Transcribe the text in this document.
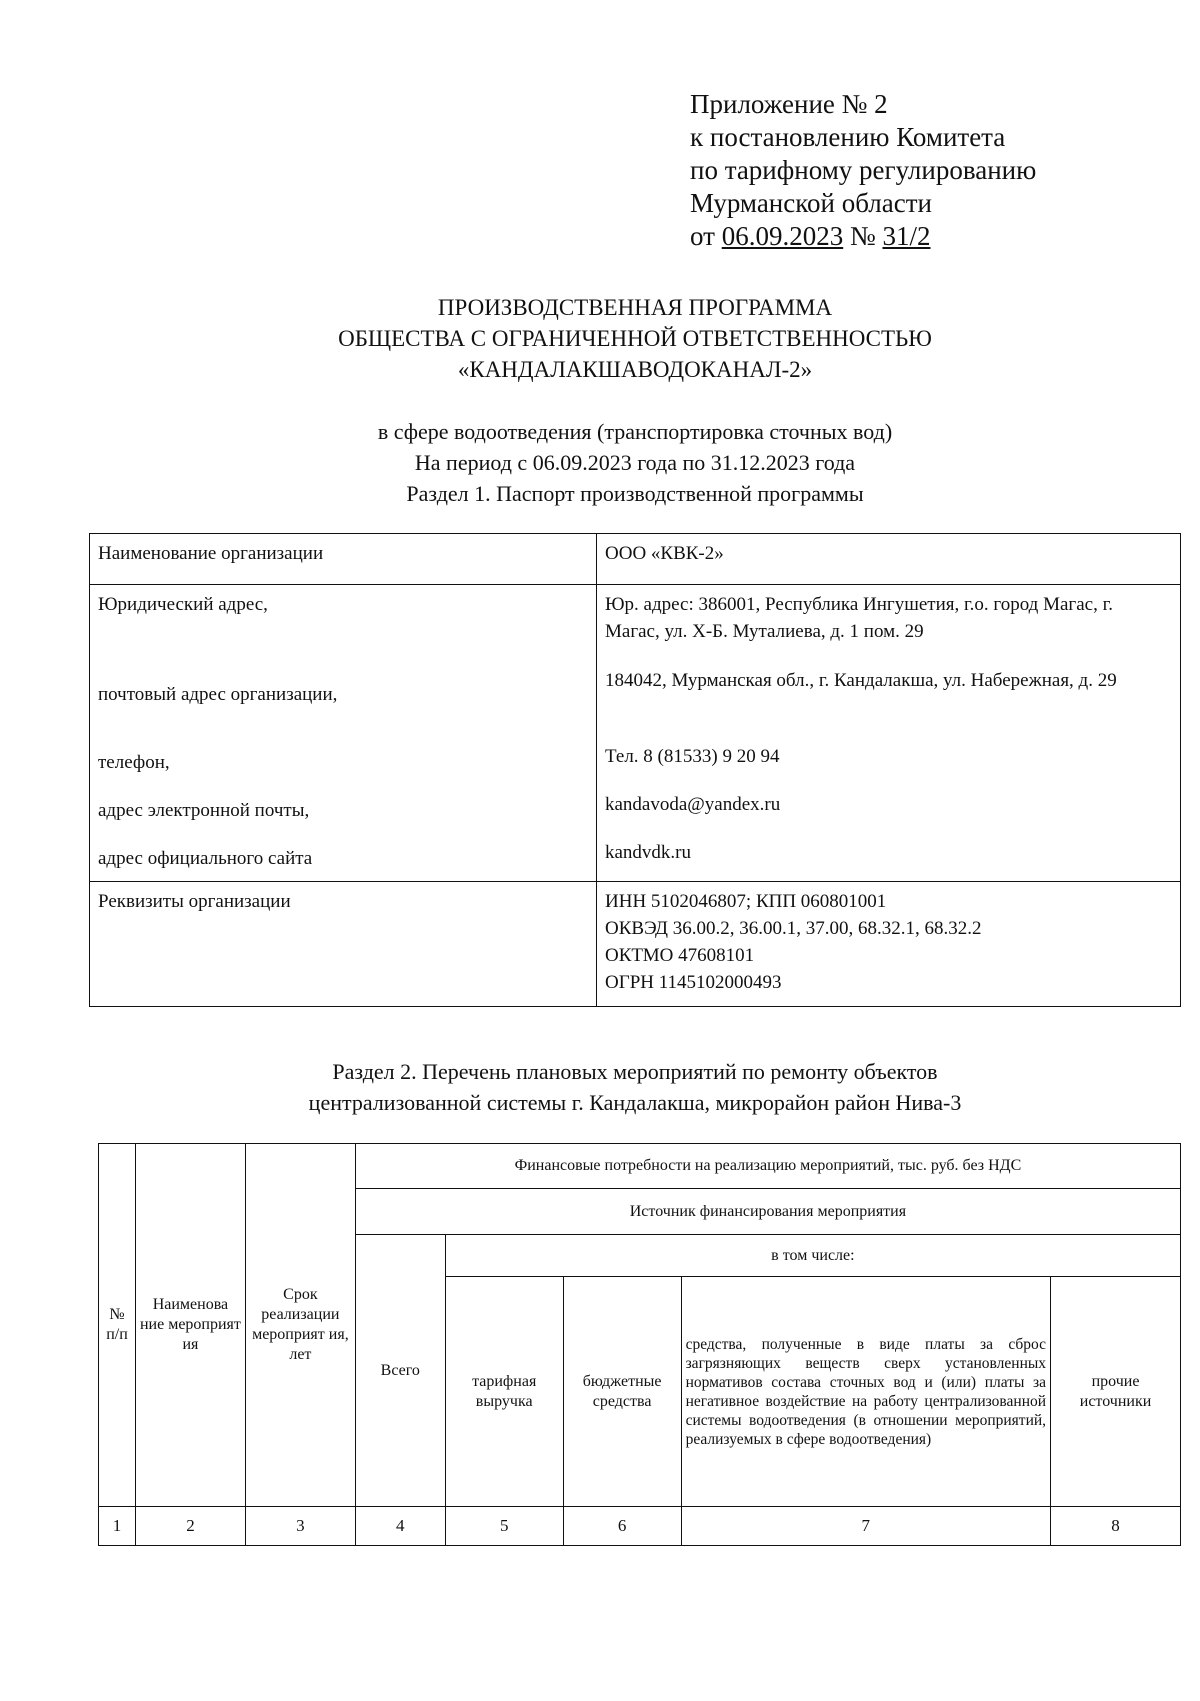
Приложение № 2
к постановлению Комитета
по тарифному регулированию
Мурманской области
от 06.09.2023 № 31/2
ПРОИЗВОДСТВЕННАЯ ПРОГРАММА
ОБЩЕСТВА С ОГРАНИЧЕННОЙ ОТВЕТСТВЕННОСТЬЮ
«КАНДАЛАКШАВОДОКАНАЛ-2»
в сфере водоотведения (транспортировка сточных вод)
На период с 06.09.2023 года по 31.12.2023 года
Раздел 1. Паспорт производственной программы
Наименование организации	ООО «КВК-2»
Юридический адрес,	Юр. адрес: 386001, Республика Ингушетия, г.о. город Магас, г. Магас, ул. Х-Б. Муталиева, д. 1 пом. 29

почтовый адрес организации,	184042, Мурманская обл., г. Кандалакша, ул. Набережная, д. 29

телефон,	Тел. 8 (81533) 9 20 94

адрес электронной почты,	kandavoda@yandex.ru

адрес официального сайта	kandvdk.ru
Реквизиты организации	ИНН 5102046807; КПП 060801001
ОКВЭД 36.00.2, 36.00.1, 37.00, 68.32.1, 68.32.2
ОКТМО 47608101
ОГРН 1145102000493
Раздел 2. Перечень плановых мероприятий по ремонту объектов
централизованной системы г. Кандалакша, микрорайон район Нива-3
№ п/п	Наименова ние мероприят ия	Срок реализации мероприят ия, лет	Финансовые потребности на реализацию мероприятий, тыс. руб. без НДС				
			Источник финансирования мероприятия				
			Всего	в том числе:			
				тарифная выручка	бюджетные средства	средства, полученные в виде платы за сброс загрязняющих веществ сверх установленных нормативов состава сточных вод и (или) платы за негативное воздействие на работу централизованной системы водоотведения (в отношении мероприятий, реализуемых в сфере водоотведения)	прочие источники
1	2	3	4	5	6	7	8
